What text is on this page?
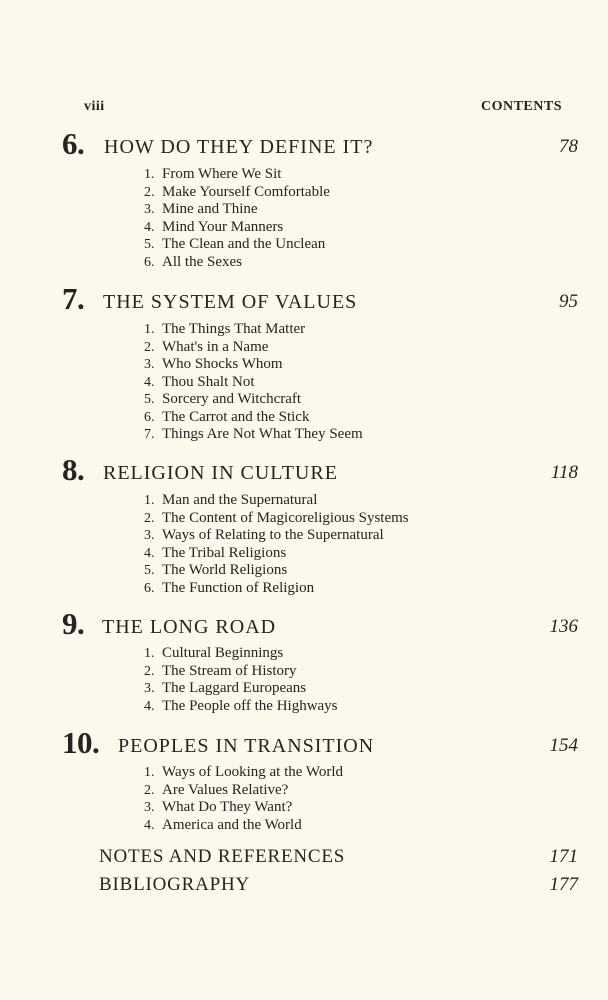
viii	CONTENTS
6. HOW DO THEY DEFINE IT?	78
1. From Where We Sit
2. Make Yourself Comfortable
3. Mine and Thine
4. Mind Your Manners
5. The Clean and the Unclean
6. All the Sexes
7. THE SYSTEM OF VALUES	95
1. The Things That Matter
2. What's in a Name
3. Who Shocks Whom
4. Thou Shalt Not
5. Sorcery and Witchcraft
6. The Carrot and the Stick
7. Things Are Not What They Seem
8. RELIGION IN CULTURE	118
1. Man and the Supernatural
2. The Content of Magicoreligious Systems
3. Ways of Relating to the Supernatural
4. The Tribal Religions
5. The World Religions
6. The Function of Religion
9. THE LONG ROAD	136
1. Cultural Beginnings
2. The Stream of History
3. The Laggard Europeans
4. The People off the Highways
10. PEOPLES IN TRANSITION	154
1. Ways of Looking at the World
2. Are Values Relative?
3. What Do They Want?
4. America and the World
NOTES AND REFERENCES	171
BIBLIOGRAPHY	177
